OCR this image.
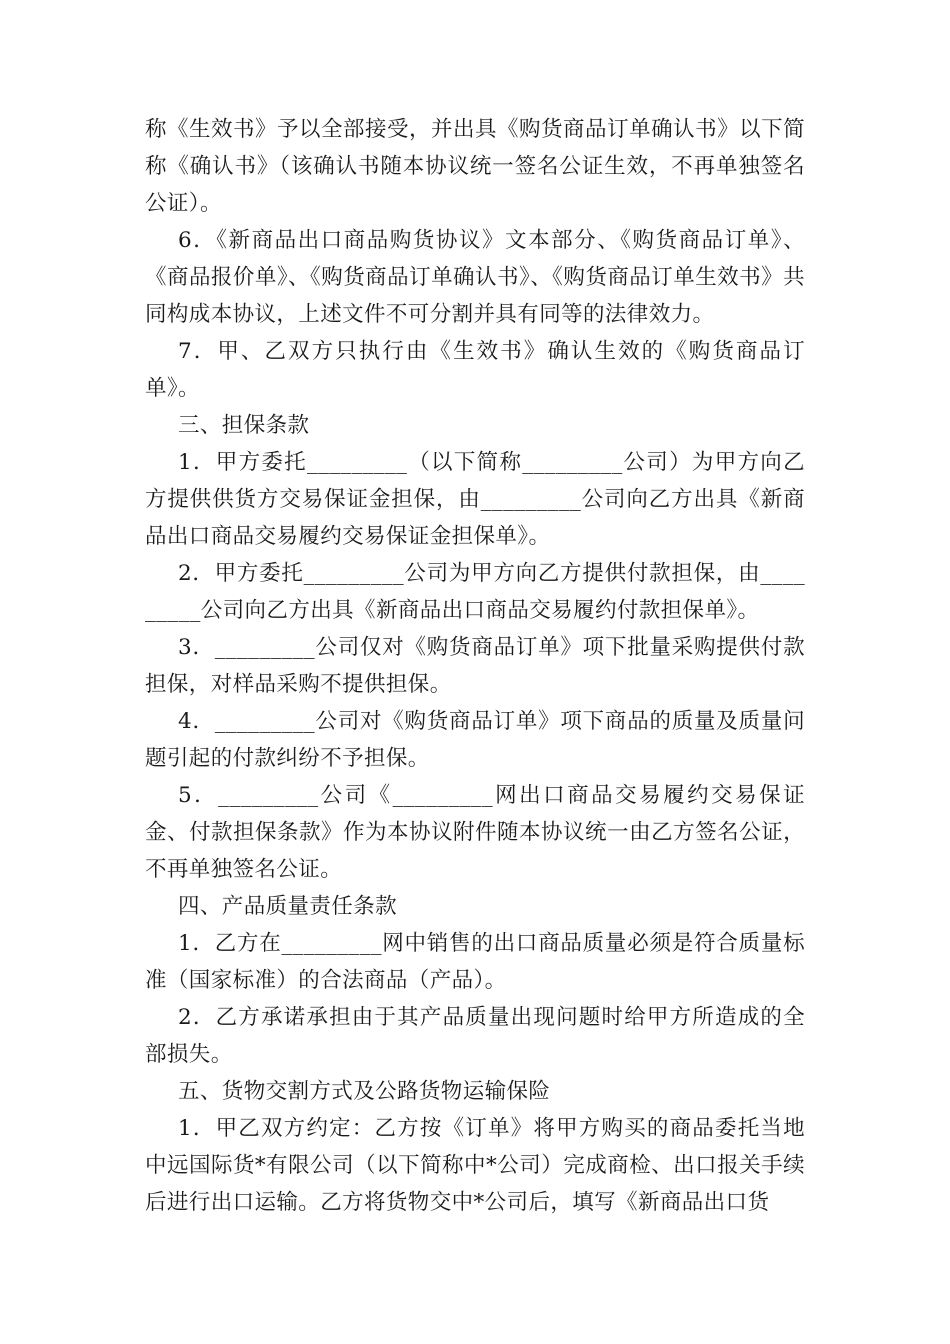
称《生效书》予以全部接受，并出具《购货商品订单确认书》以下简称《确认书》（该确认书随本协议统一签名公证生效，不再单独签名公证）。

6．《新商品出口商品购货协议》文本部分、《购货商品订单》、《商品报价单》、《购货商品订单确认书》、《购货商品订单生效书》共同构成本协议，上述文件不可分割并具有同等的法律效力。

7．甲、乙双方只执行由《生效书》确认生效的《购货商品订单》。

三、担保条款

1．甲方委托_________（以下简称_________公司）为甲方向乙方提供供货方交易保证金担保，由_________公司向乙方出具《新商品出口商品交易履约交易保证金担保单》。

2．甲方委托_________公司为甲方向乙方提供付款担保，由_________公司向乙方出具《新商品出口商品交易履约付款担保单》。

3．_________公司仅对《购货商品订单》项下批量采购提供付款担保，对样品采购不提供担保。

4．_________公司对《购货商品订单》项下商品的质量及质量问题引起的付款纠纷不予担保。

5．_________公司《_________网出口商品交易履约交易保证金、付款担保条款》作为本协议附件随本协议统一由乙方签名公证，不再单独签名公证。

四、产品质量责任条款

1．乙方在_________网中销售的出口商品质量必须是符合质量标准（国家标准）的合法商品（产品）。

2．乙方承诺承担由于其产品质量出现问题时给甲方所造成的全部损失。

五、货物交割方式及公路货物运输保险

1．甲乙双方约定：乙方按《订单》将甲方购买的商品委托当地中远国际货*有限公司（以下简称中*公司）完成商检、出口报关手续后进行出口运输。乙方将货物交中*公司后，填写《新商品出口货
